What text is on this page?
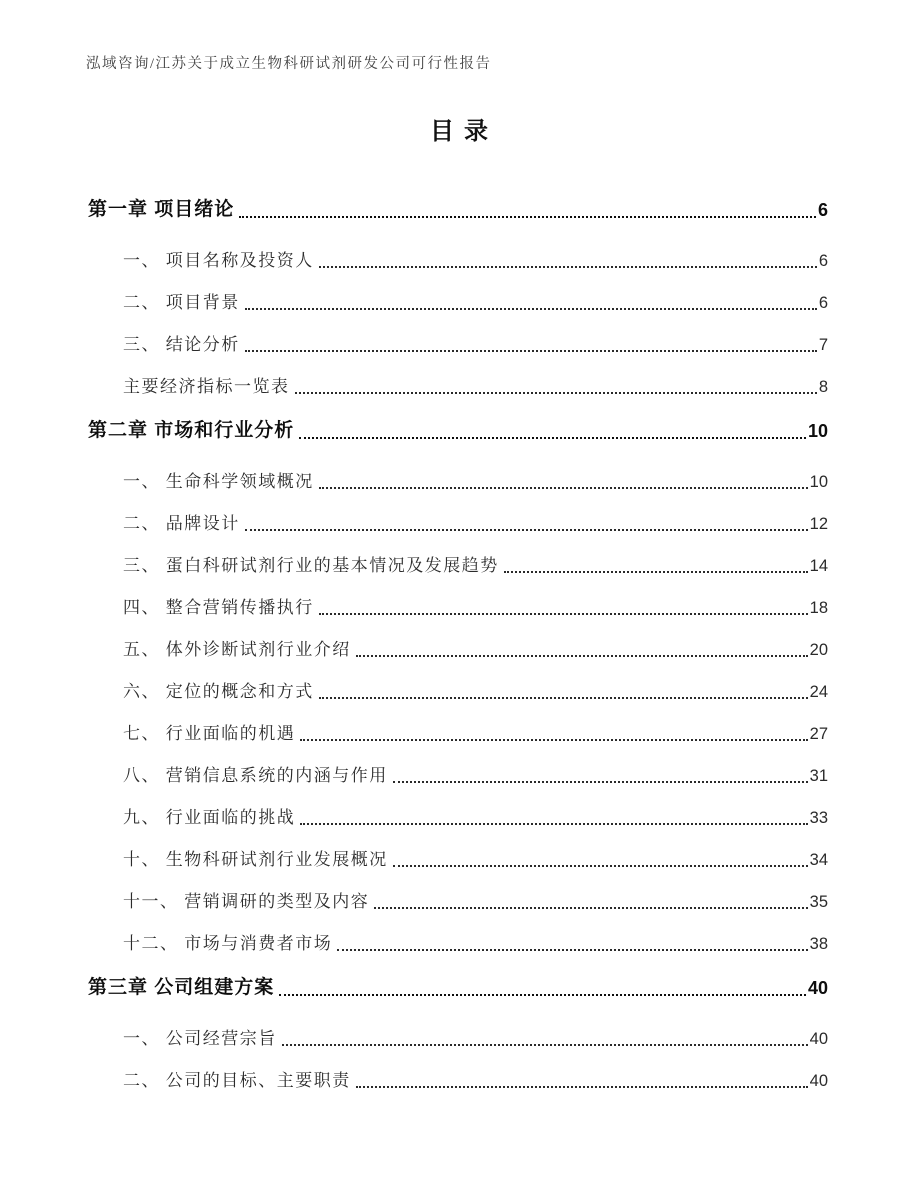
泓域咨询/江苏关于成立生物科研试剂研发公司可行性报告
目 录
第一章 项目绪论	6
一、 项目名称及投资人	6
二、 项目背景	6
三、 结论分析	7
主要经济指标一览表	8
第二章 市场和行业分析	10
一、 生命科学领域概况	10
二、 品牌设计	12
三、 蛋白科研试剂行业的基本情况及发展趋势	14
四、 整合营销传播执行	18
五、 体外诊断试剂行业介绍	20
六、 定位的概念和方式	24
七、 行业面临的机遇	27
八、 营销信息系统的内涵与作用	31
九、 行业面临的挑战	33
十、 生物科研试剂行业发展概况	34
十一、 营销调研的类型及内容	35
十二、 市场与消费者市场	38
第三章 公司组建方案	40
一、 公司经营宗旨	40
二、 公司的目标、主要职责	40
